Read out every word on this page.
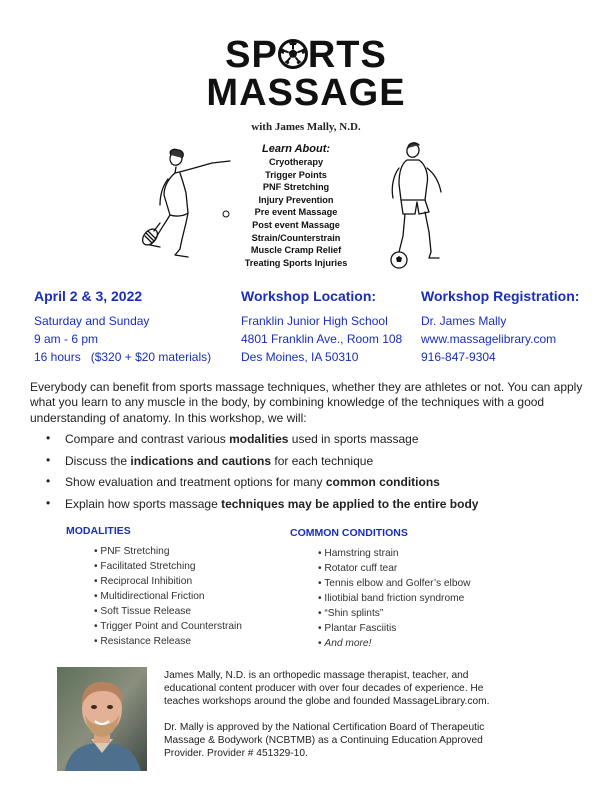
SP RTS
MASSAGE
with James Mally, N.D.
Learn About:
Cryotherapy
Trigger Points
PNF Stretching
Injury Prevention
Pre event Massage
Post event Massage
Strain/Counterstrain
Muscle Cramp Relief
Treating Sports Injuries
April 2 & 3, 2022
Saturday and Sunday
9 am - 6 pm
16 hours   ($320 + $20 materials)
Workshop Location:
Franklin Junior High School
4801 Franklin Ave., Room 108
Des Moines, IA 50310
Workshop Registration:
Dr. James Mally
www.massagelibrary.com
916-847-9304
Everybody can benefit from sports massage techniques, whether they are athletes or not. You can apply what you learn to any muscle in the body, by combining knowledge of the techniques with a good understanding of anatomy. In this workshop, we will:
• Compare and contrast various modalities used in sports massage
• Discuss the indications and cautions for each technique
• Show evaluation and treatment options for many common conditions
• Explain how sports massage techniques may be applied to the entire body
MODALITIES
• PNF Stretching
• Facilitated Stretching
• Reciprocal Inhibition
• Multidirectional Friction
• Soft Tissue Release
• Trigger Point and Counterstrain
• Resistance Release
COMMON CONDITIONS
• Hamstring strain
• Rotator cuff tear
• Tennis elbow and Golfer’s elbow
• Iliotibial band friction syndrome
• “Shin splints”
• Plantar Fasciitis
• And more!

James Mally, N.D. is an orthopedic massage therapist, teacher, and educational content producer with over four decades of experience. He teaches workshops around the globe and founded MassageLibrary.com.

Dr. Mally is approved by the National Certification Board of Therapeutic Massage & Bodywork (NCBTMB) as a Continuing Education Approved Provider. Provider # 451329-10.
